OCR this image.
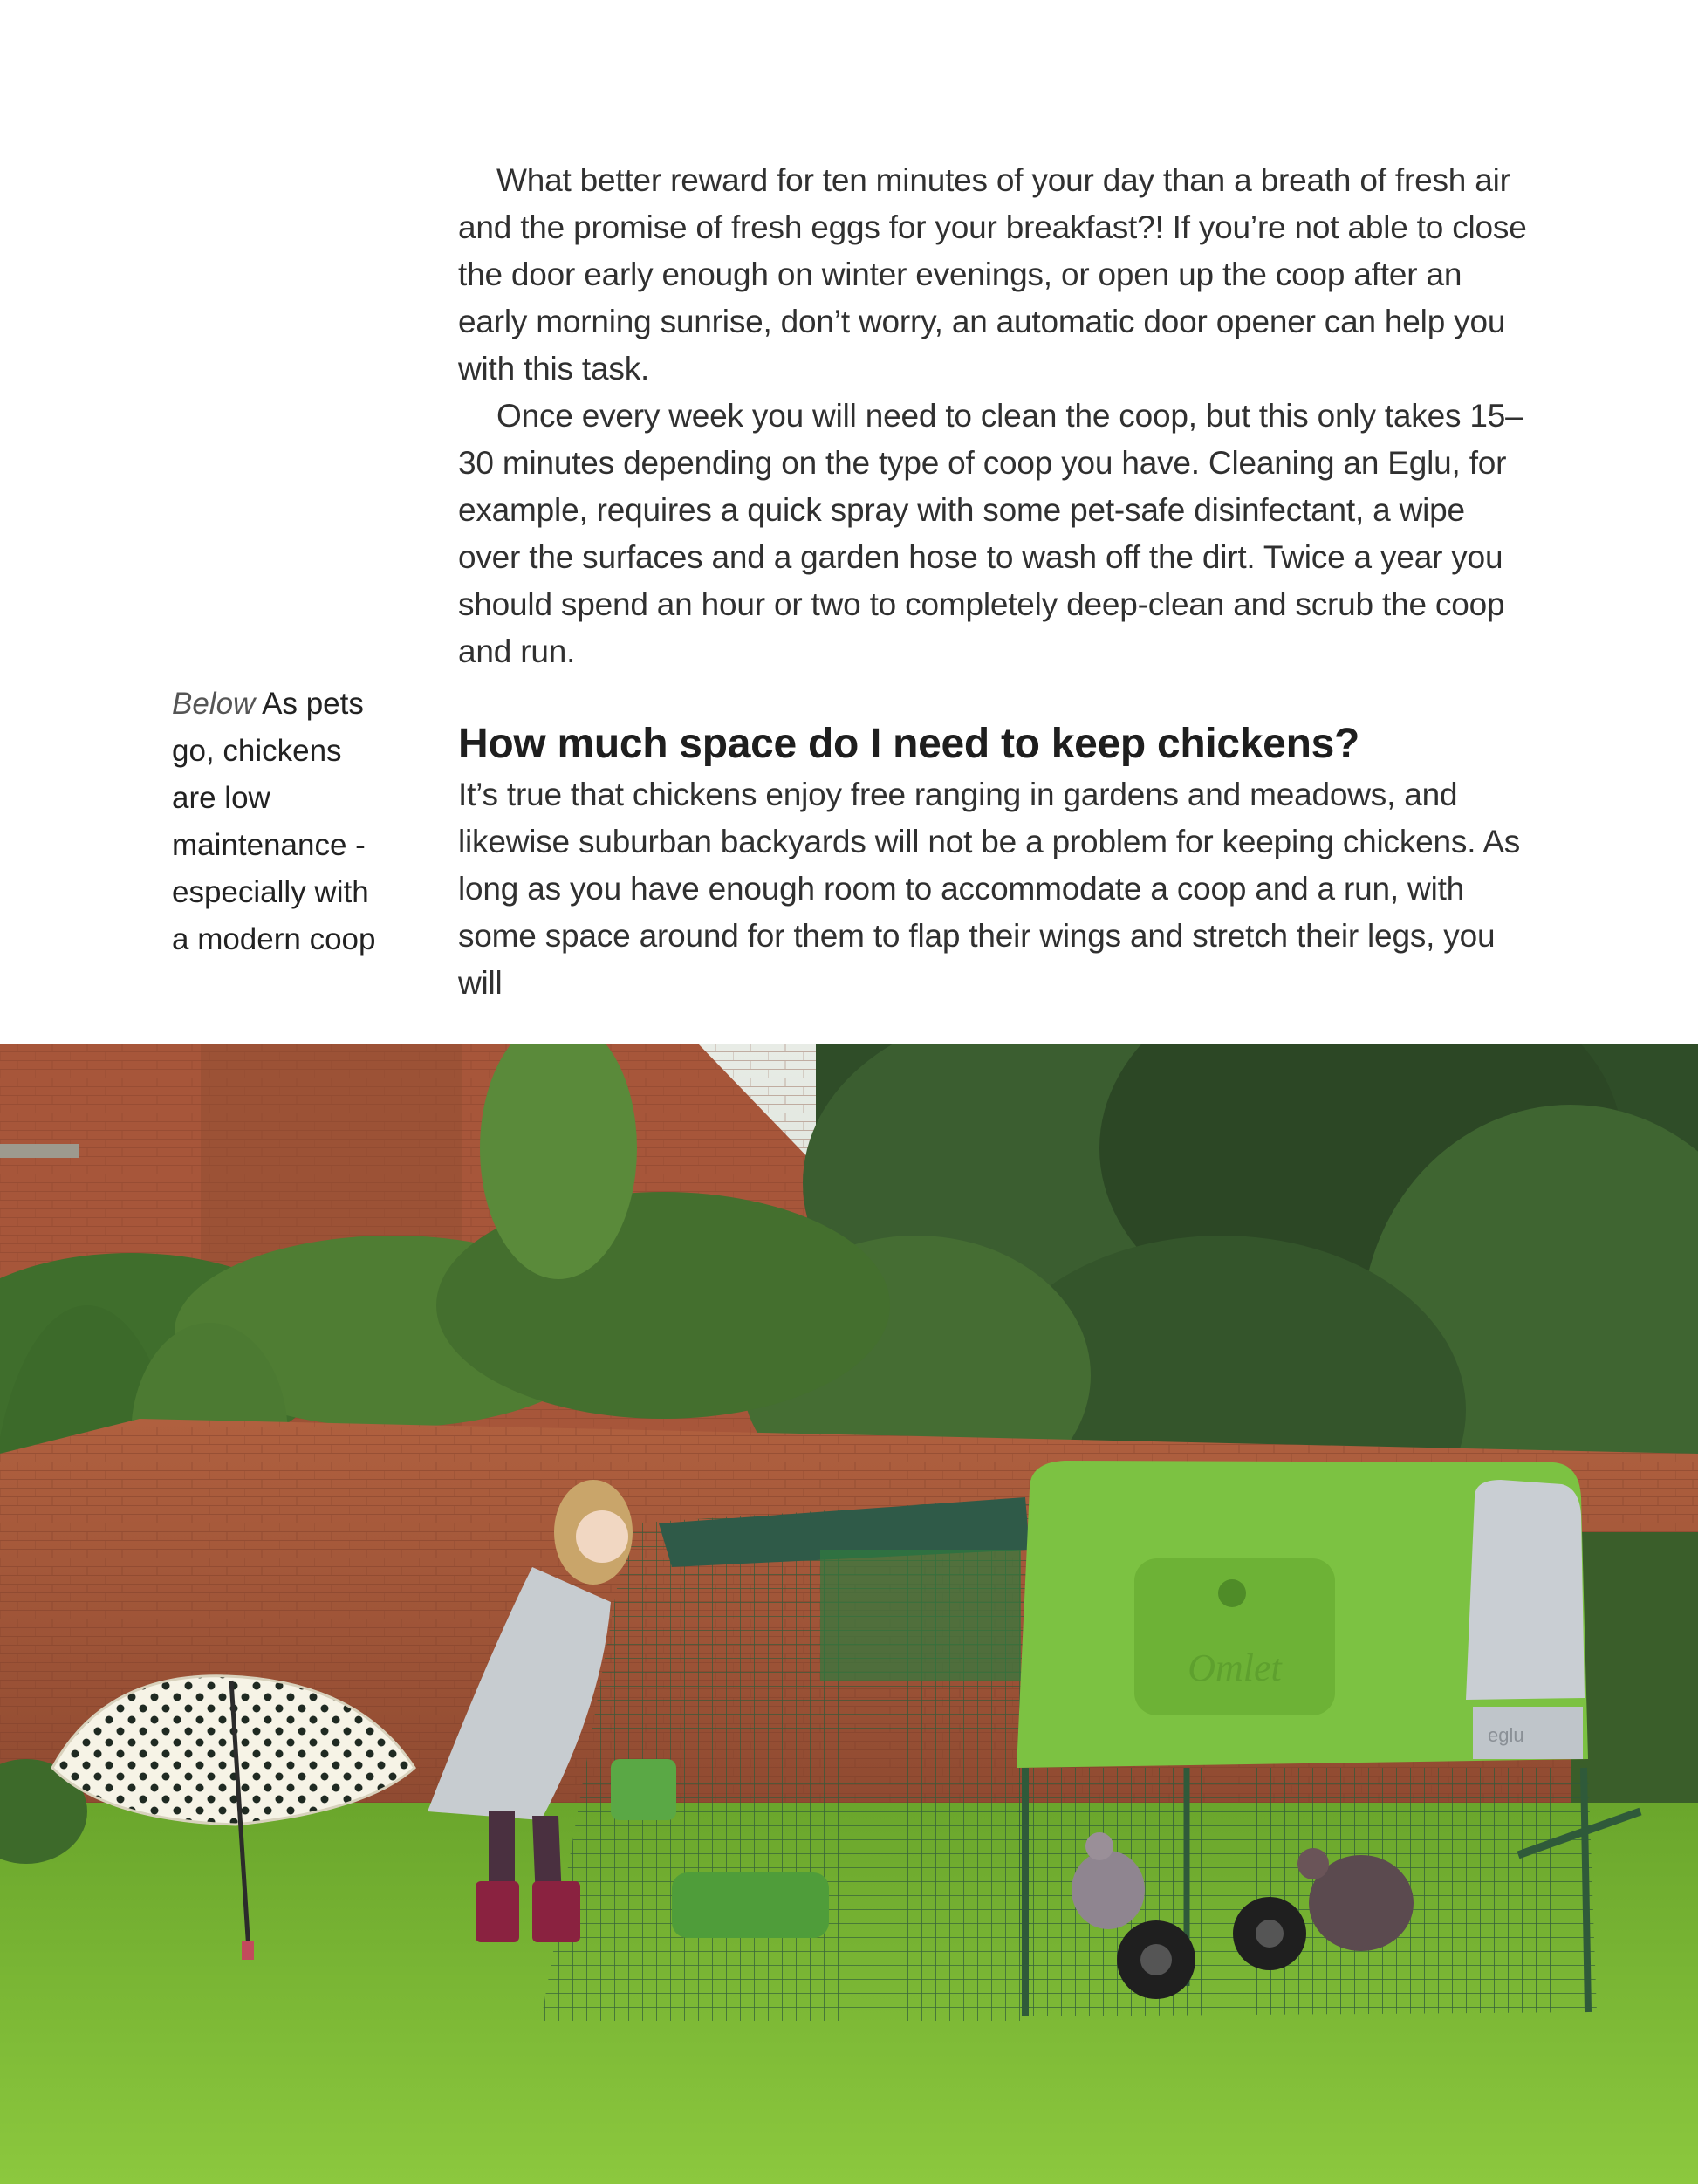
What better reward for ten minutes of your day than a breath of fresh air and the promise of fresh eggs for your breakfast?! If you’re not able to close the door early enough on winter evenings, or open up the coop after an early morning sunrise, don’t worry, an automatic door opener can help you with this task.

Once every week you will need to clean the coop, but this only takes 15–30 minutes depending on the type of coop you have. Cleaning an Eglu, for example, requires a quick spray with some pet-safe disinfectant, a wipe over the surfaces and a garden hose to wash off the dirt. Twice a year you should spend an hour or two to completely deep-clean and scrub the coop and run.

How much space do I need to keep chickens?

It’s true that chickens enjoy free ranging in gardens and meadows, and likewise suburban backyards will not be a problem for keeping chickens. As long as you have enough room to accommodate a coop and a run, with some space around for them to flap their wings and stretch their legs, you will

Below As pets go, chickens are low maintenance - especially with a modern coop
Omlet
eglu
